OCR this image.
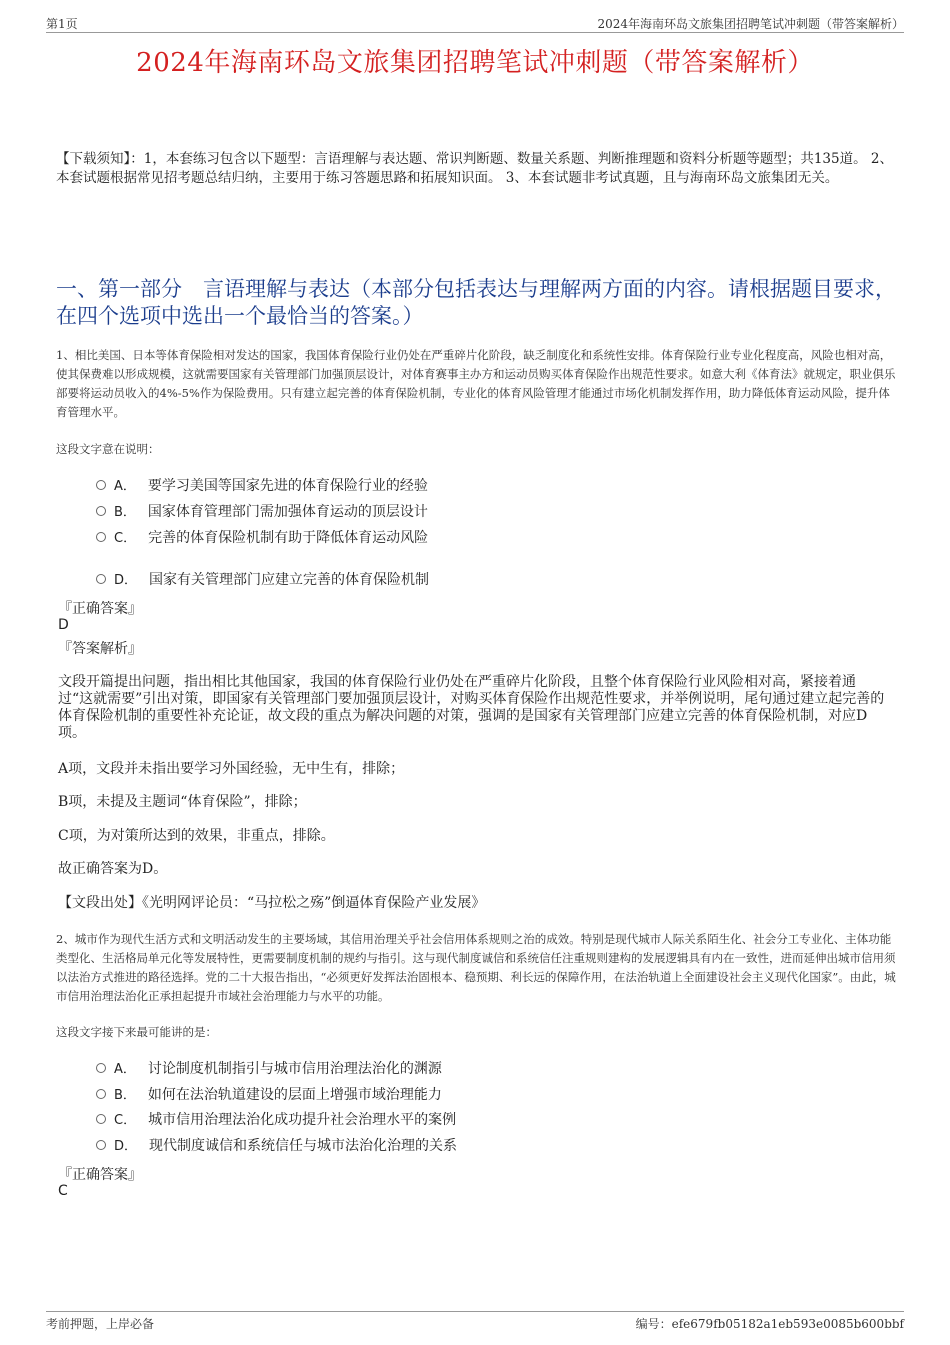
第1页	2024年海南环岛文旅集团招聘笔试冲刺题（带答案解析）
2024年海南环岛文旅集团招聘笔试冲刺题（带答案解析）
【下载须知】：1，本套练习包含以下题型：言语理解与表达题、常识判断题、数量关系题、判断推理题和资料分析题等题型；共135道。 2、本套试题根据常见招考题总结归纳，主要用于练习答题思路和拓展知识面。 3、本套试题非考试真题，且与海南环岛文旅集团无关。
一、第一部分　言语理解与表达（本部分包括表达与理解两方面的内容。请根据题目要求，在四个选项中选出一个最恰当的答案。）
1、相比美国、日本等体育保险相对发达的国家，我国体育保险行业仍处在严重碎片化阶段，缺乏制度化和系统性安排。体育保险行业专业化程度高，风险也相对高，使其保费难以形成规模，这就需要国家有关管理部门加强顶层设计，对体育赛事主办方和运动员购买体育保险作出规范性要求。如意大利《体育法》就规定，职业俱乐部要将运动员收入的4%-5%作为保险费用。只有建立起完善的体育保险机制，专业化的体育风险管理才能通过市场化机制发挥作用，助力降低体育运动风险，提升体育管理水平。
这段文字意在说明：
A． 要学习美国等国家先进的体育保险行业的经验
B． 国家体育管理部门需加强体育运动的顶层设计
C． 完善的体育保险机制有助于降低体育运动风险
D． 国家有关管理部门应建立完善的体育保险机制
『正确答案』
D
『答案解析』
文段开篇提出问题，指出相比其他国家，我国的体育保险行业仍处在严重碎片化阶段，且整个体育保险行业风险相对高，紧接着通过“这就需要”引出对策，即国家有关管理部门要加强顶层设计，对购买体育保险作出规范性要求，并举例说明，尾句通过建立起完善的体育保险机制的重要性补充论证，故文段的重点为解决问题的对策，强调的是国家有关管理部门应建立完善的体育保险机制，对应D项。
A项，文段并未指出要学习外国经验，无中生有，排除；
B项，未提及主题词“体育保险”，排除；
C项，为对策所达到的效果，非重点，排除。
故正确答案为D。
【文段出处】《光明网评论员：“马拉松之殇”倒逼体育保险产业发展》
2、城市作为现代生活方式和文明活动发生的主要场域，其信用治理关乎社会信用体系规则之治的成效。特别是现代城市人际关系陌生化、社会分工专业化、主体功能类型化、生活格局单元化等发展特性，更需要制度机制的规约与指引。这与现代制度诚信和系统信任注重规则建构的发展逻辑具有内在一致性，进而延伸出城市信用须以法治方式推进的路径选择。党的二十大报告指出，“必须更好发挥法治固根本、稳预期、利长远的保障作用，在法治轨道上全面建设社会主义现代化国家”。由此，城市信用治理法治化正承担起提升市域社会治理能力与水平的功能。
这段文字接下来最可能讲的是：
A． 讨论制度机制指引与城市信用治理法治化的渊源
B． 如何在法治轨道建设的层面上增强市域治理能力
C． 城市信用治理法治化成功提升社会治理水平的案例
D． 现代制度诚信和系统信任与城市法治化治理的关系
『正确答案』
C
考前押题，上岸必备	编号：efe679fb05182a1eb593e0085b600bbf
